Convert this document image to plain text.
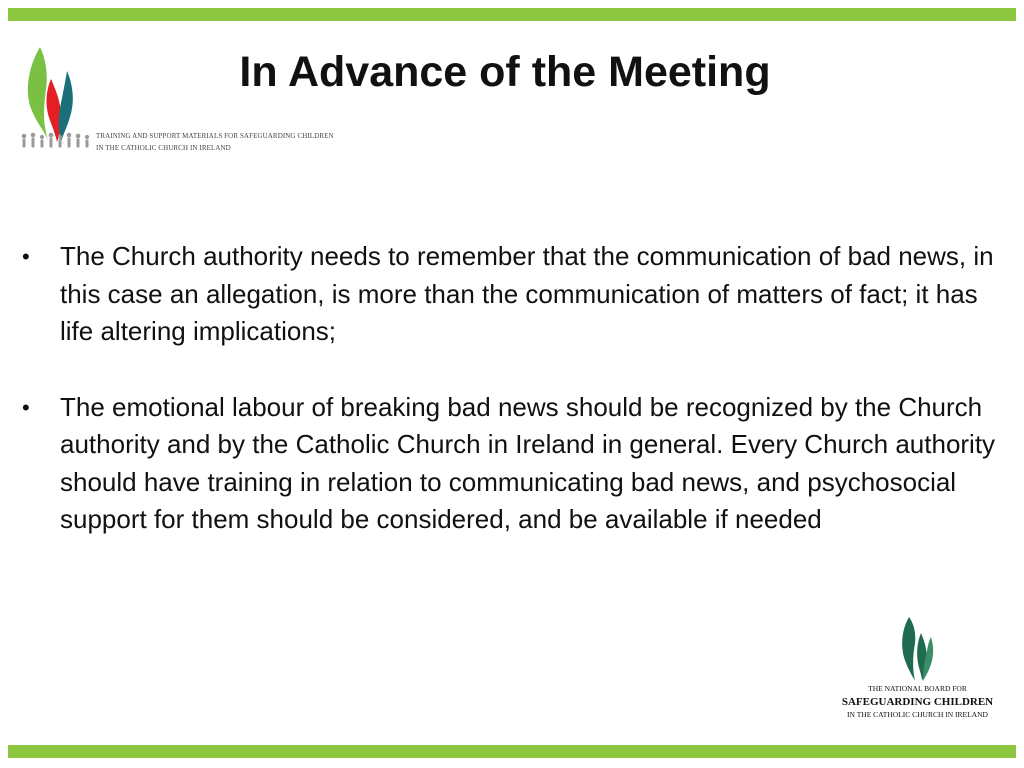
TRAINING AND SUPPORT MATERIALS FOR SAFEGUARDING CHILDREN
IN THE CATHOLIC CHURCH IN IRELAND
In Advance of the Meeting
• The Church authority needs to remember that the communication of bad news, in this case an allegation, is more than the communication of matters of fact; it has life altering implications;
• The emotional labour of breaking bad news should be recognized by the Church authority and by the Catholic Church in Ireland in general. Every Church authority should have training in relation to communicating bad news, and psychosocial support for them should be considered, and be available if needed
THE NATIONAL BOARD FOR
SAFEGUARDING CHILDREN
IN THE CATHOLIC CHURCH IN IRELAND
